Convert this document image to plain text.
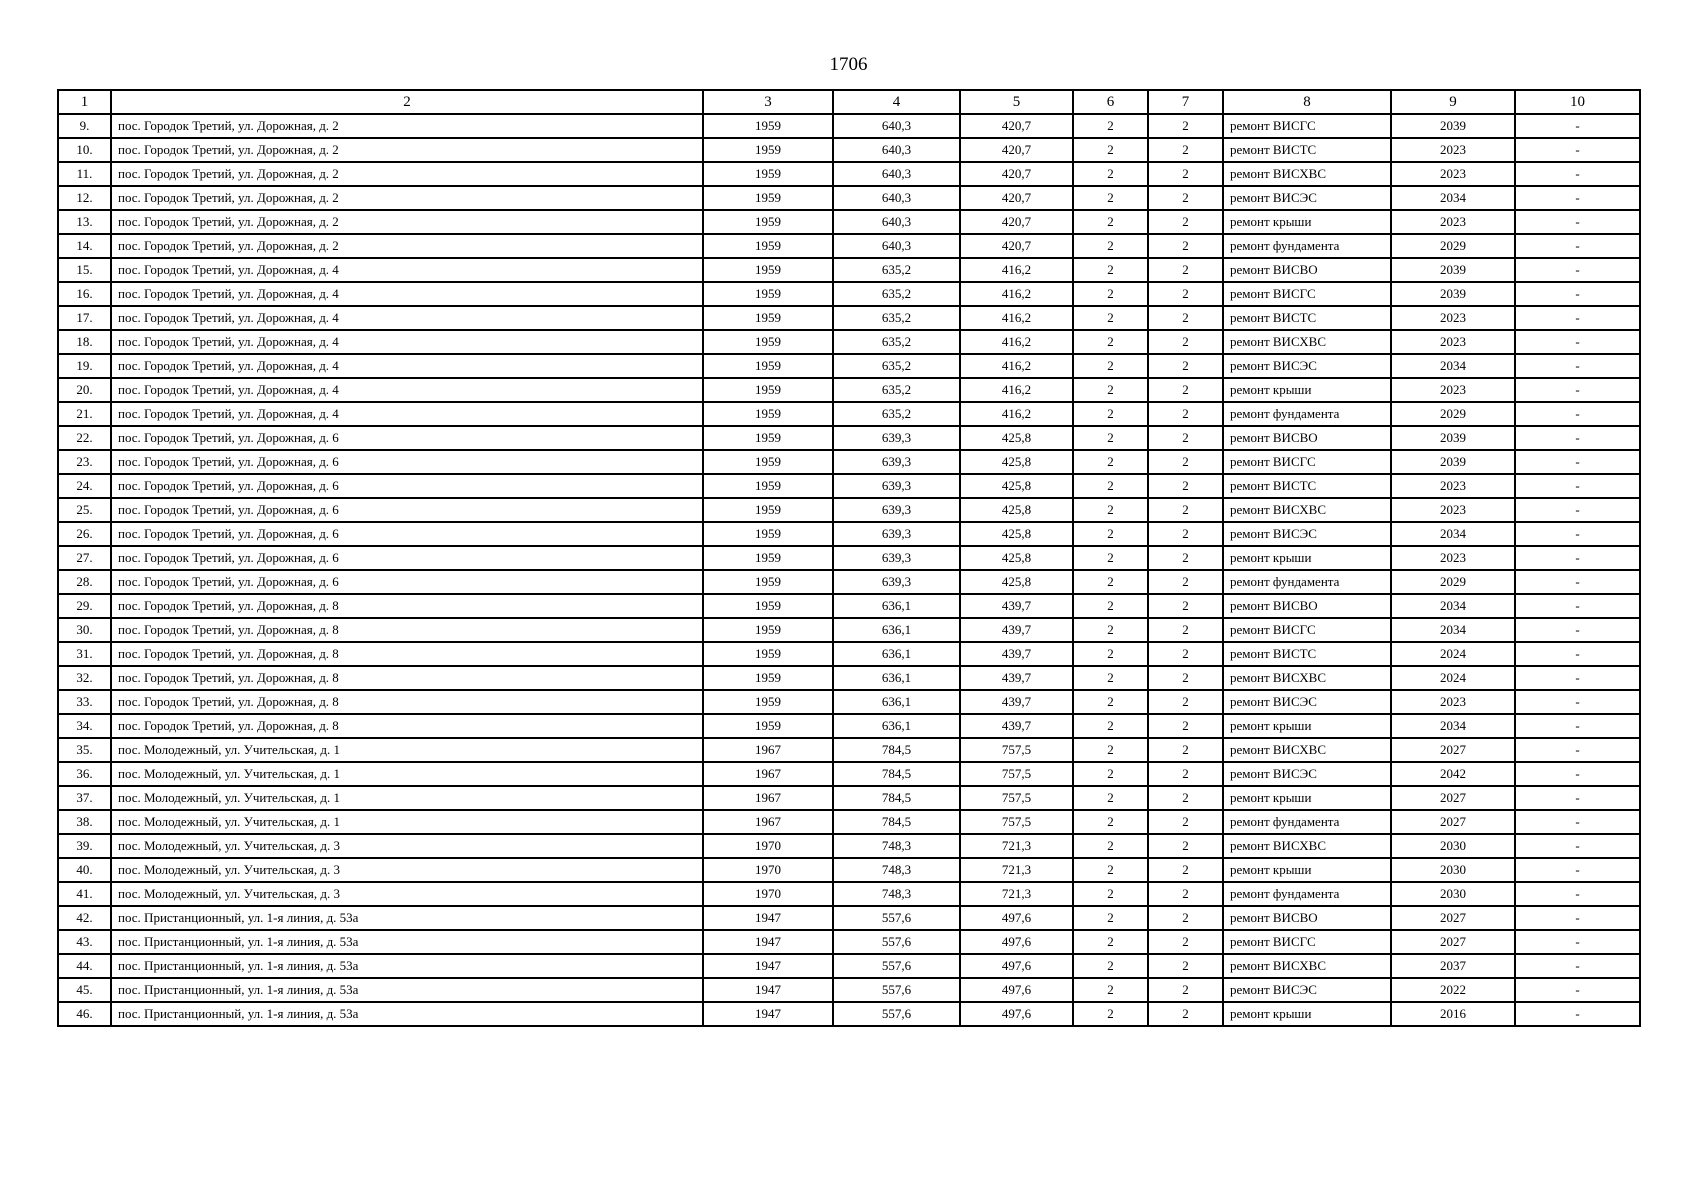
1706
1	2	3	4	5	6	7	8	9	10
9.	пос. Городок Третий, ул. Дорожная, д. 2	1959	640,3	420,7	2	2	ремонт ВИСГС	2039	-
10.	пос. Городок Третий, ул. Дорожная, д. 2	1959	640,3	420,7	2	2	ремонт ВИСТС	2023	-
11.	пос. Городок Третий, ул. Дорожная, д. 2	1959	640,3	420,7	2	2	ремонт ВИСХВС	2023	-
12.	пос. Городок Третий, ул. Дорожная, д. 2	1959	640,3	420,7	2	2	ремонт ВИСЭС	2034	-
13.	пос. Городок Третий, ул. Дорожная, д. 2	1959	640,3	420,7	2	2	ремонт крыши	2023	-
14.	пос. Городок Третий, ул. Дорожная, д. 2	1959	640,3	420,7	2	2	ремонт фундамента	2029	-
15.	пос. Городок Третий, ул. Дорожная, д. 4	1959	635,2	416,2	2	2	ремонт ВИСВО	2039	-
16.	пос. Городок Третий, ул. Дорожная, д. 4	1959	635,2	416,2	2	2	ремонт ВИСГС	2039	-
17.	пос. Городок Третий, ул. Дорожная, д. 4	1959	635,2	416,2	2	2	ремонт ВИСТС	2023	-
18.	пос. Городок Третий, ул. Дорожная, д. 4	1959	635,2	416,2	2	2	ремонт ВИСХВС	2023	-
19.	пос. Городок Третий, ул. Дорожная, д. 4	1959	635,2	416,2	2	2	ремонт ВИСЭС	2034	-
20.	пос. Городок Третий, ул. Дорожная, д. 4	1959	635,2	416,2	2	2	ремонт крыши	2023	-
21.	пос. Городок Третий, ул. Дорожная, д. 4	1959	635,2	416,2	2	2	ремонт фундамента	2029	-
22.	пос. Городок Третий, ул. Дорожная, д. 6	1959	639,3	425,8	2	2	ремонт ВИСВО	2039	-
23.	пос. Городок Третий, ул. Дорожная, д. 6	1959	639,3	425,8	2	2	ремонт ВИСГС	2039	-
24.	пос. Городок Третий, ул. Дорожная, д. 6	1959	639,3	425,8	2	2	ремонт ВИСТС	2023	-
25.	пос. Городок Третий, ул. Дорожная, д. 6	1959	639,3	425,8	2	2	ремонт ВИСХВС	2023	-
26.	пос. Городок Третий, ул. Дорожная, д. 6	1959	639,3	425,8	2	2	ремонт ВИСЭС	2034	-
27.	пос. Городок Третий, ул. Дорожная, д. 6	1959	639,3	425,8	2	2	ремонт крыши	2023	-
28.	пос. Городок Третий, ул. Дорожная, д. 6	1959	639,3	425,8	2	2	ремонт фундамента	2029	-
29.	пос. Городок Третий, ул. Дорожная, д. 8	1959	636,1	439,7	2	2	ремонт ВИСВО	2034	-
30.	пос. Городок Третий, ул. Дорожная, д. 8	1959	636,1	439,7	2	2	ремонт ВИСГС	2034	-
31.	пос. Городок Третий, ул. Дорожная, д. 8	1959	636,1	439,7	2	2	ремонт ВИСТС	2024	-
32.	пос. Городок Третий, ул. Дорожная, д. 8	1959	636,1	439,7	2	2	ремонт ВИСХВС	2024	-
33.	пос. Городок Третий, ул. Дорожная, д. 8	1959	636,1	439,7	2	2	ремонт ВИСЭС	2023	-
34.	пос. Городок Третий, ул. Дорожная, д. 8	1959	636,1	439,7	2	2	ремонт крыши	2034	-
35.	пос. Молодежный, ул. Учительская, д. 1	1967	784,5	757,5	2	2	ремонт ВИСХВС	2027	-
36.	пос. Молодежный, ул. Учительская, д. 1	1967	784,5	757,5	2	2	ремонт ВИСЭС	2042	-
37.	пос. Молодежный, ул. Учительская, д. 1	1967	784,5	757,5	2	2	ремонт крыши	2027	-
38.	пос. Молодежный, ул. Учительская, д. 1	1967	784,5	757,5	2	2	ремонт фундамента	2027	-
39.	пос. Молодежный, ул. Учительская, д. 3	1970	748,3	721,3	2	2	ремонт ВИСХВС	2030	-
40.	пос. Молодежный, ул. Учительская, д. 3	1970	748,3	721,3	2	2	ремонт крыши	2030	-
41.	пос. Молодежный, ул. Учительская, д. 3	1970	748,3	721,3	2	2	ремонт фундамента	2030	-
42.	пос. Пристанционный, ул. 1-я линия, д. 53а	1947	557,6	497,6	2	2	ремонт ВИСВО	2027	-
43.	пос. Пристанционный, ул. 1-я линия, д. 53а	1947	557,6	497,6	2	2	ремонт ВИСГС	2027	-
44.	пос. Пристанционный, ул. 1-я линия, д. 53а	1947	557,6	497,6	2	2	ремонт ВИСХВС	2037	-
45.	пос. Пристанционный, ул. 1-я линия, д. 53а	1947	557,6	497,6	2	2	ремонт ВИСЭС	2022	-
46.	пос. Пристанционный, ул. 1-я линия, д. 53а	1947	557,6	497,6	2	2	ремонт крыши	2016	-
